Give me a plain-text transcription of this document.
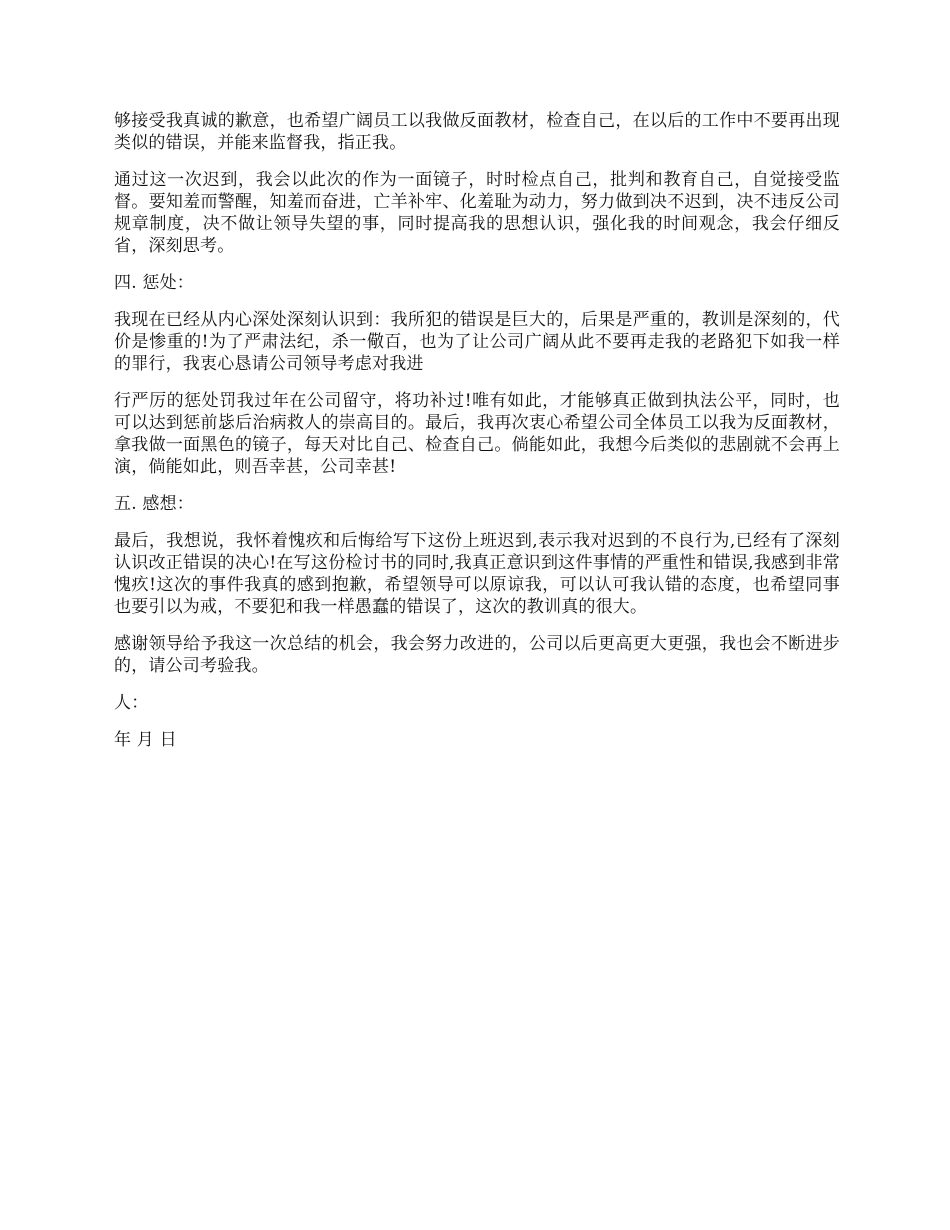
够接受我真诚的歉意，也希望广阔员工以我做反面教材，检查自己，在以后的工作中不要再出现类似的错误，并能来监督我，指正我。

通过这一次迟到，我会以此次的作为一面镜子，时时检点自己，批判和教育自己，自觉接受监督。要知羞而警醒，知羞而奋进，亡羊补牢、化羞耻为动力，努力做到决不迟到，决不违反公司规章制度，决不做让领导失望的事，同时提高我的思想认识，强化我的时间观念，我会仔细反省，深刻思考。

四. 惩处：

我现在已经从内心深处深刻认识到：我所犯的错误是巨大的，后果是严重的，教训是深刻的，代价是惨重的!为了严肃法纪，杀一儆百，也为了让公司广阔从此不要再走我的老路犯下如我一样的罪行，我衷心恳请公司领导考虑对我进

行严厉的惩处罚我过年在公司留守，将功补过!唯有如此，才能够真正做到执法公平，同时，也可以达到惩前毖后治病救人的崇高目的。最后，我再次衷心希望公司全体员工以我为反面教材，拿我做一面黑色的镜子，每天对比自己、检查自己。倘能如此，我想今后类似的悲剧就不会再上演，倘能如此，则吾幸甚，公司幸甚!

五. 感想：

最后，我想说，我怀着愧疚和后悔给写下这份上班迟到,表示我对迟到的不良行为,已经有了深刻认识改正错误的决心!在写这份检讨书的同时,我真正意识到这件事情的严重性和错误,我感到非常愧疚!这次的事件我真的感到抱歉，希望领导可以原谅我，可以认可我认错的态度，也希望同事也要引以为戒，不要犯和我一样愚蠢的错误了，这次的教训真的很大。

感谢领导给予我这一次总结的机会，我会努力改进的，公司以后更高更大更强，我也会不断进步的，请公司考验我。

人：

年 月 日
